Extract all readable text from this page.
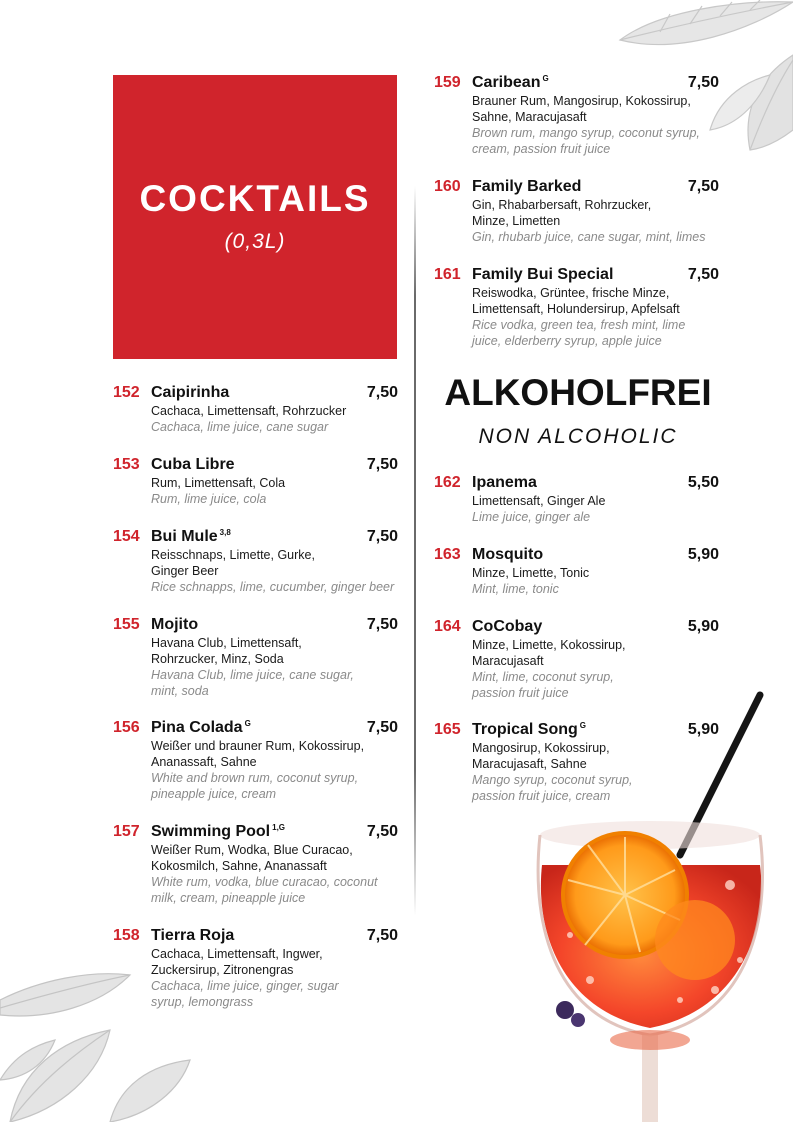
COCKTAILS
(0,3L)
152 Caipirinha	7,50
Cachaca, Limettensaft, Rohrzucker
Cachaca, lime juice, cane sugar
153 Cuba Libre	7,50
Rum, Limettensaft, Cola
Rum, lime juice, cola
154 Bui Mule $^{3,8}$	7,50
Reisschnaps, Limette, Gurke, Ginger Beer
Rice schnapps, lime, cucumber, ginger beer
155 Mojito	7,50
Havana Club, Limettensaft, Rohrzucker, Minz, Soda
Havana Club, lime juice, cane sugar, mint, soda
156 Pina Colada $^G$	7,50
Weißer und brauner Rum, Kokossirup, Ananassaft, Sahne
White and brown rum, coconut syrup, pineapple juice, cream
157 Swimming Pool $^{1,G}$	7,50
Weißer Rum, Wodka, Blue Curacao, Kokosmilch, Sahne, Ananassaft
White rum, vodka, blue curacao, coconut milk, cream, pineapple juice
158 Tierra Roja	7,50
Cachaca, Limettensaft, Ingwer, Zuckersirup, Zitronengras
Cachaca, lime juice, ginger, sugar syrup, lemongrass
159 Caribean $^G$	7,50
Brauner Rum, Mangosirup, Kokossirup, Sahne, Maracujasaft
Brown rum, mango syrup, coconut syrup, cream, passion fruit juice
160 Family Barked	7,50
Gin, Rhabarbersaft, Rohrzucker, Minze, Limetten
Gin, rhubarb juice, cane sugar, mint, limes
161 Family Bui Special	7,50
Reiswodka, Grüntee, frische Minze, Limettensaft, Holundersirup, Apfelsaft
Rice vodka, green tea, fresh mint, lime juice, elderberry syrup, apple juice
ALKOHOLFREI
NON ALCOHOLIC
162 Ipanema	5,50
Limettensaft, Ginger Ale
Lime juice, ginger ale
163 Mosquito	5,90
Minze, Limette, Tonic
Mint, lime, tonic
164 CoCobay	5,90
Minze, Limette, Kokossirup, Maracujasaft
Mint, lime, coconut syrup, passion fruit juice
165 Tropical Song $^G$	5,90
Mangosirup, Kokossirup, Maracujasaft, Sahne
Mango syrup, coconut syrup, passion fruit juice, cream
